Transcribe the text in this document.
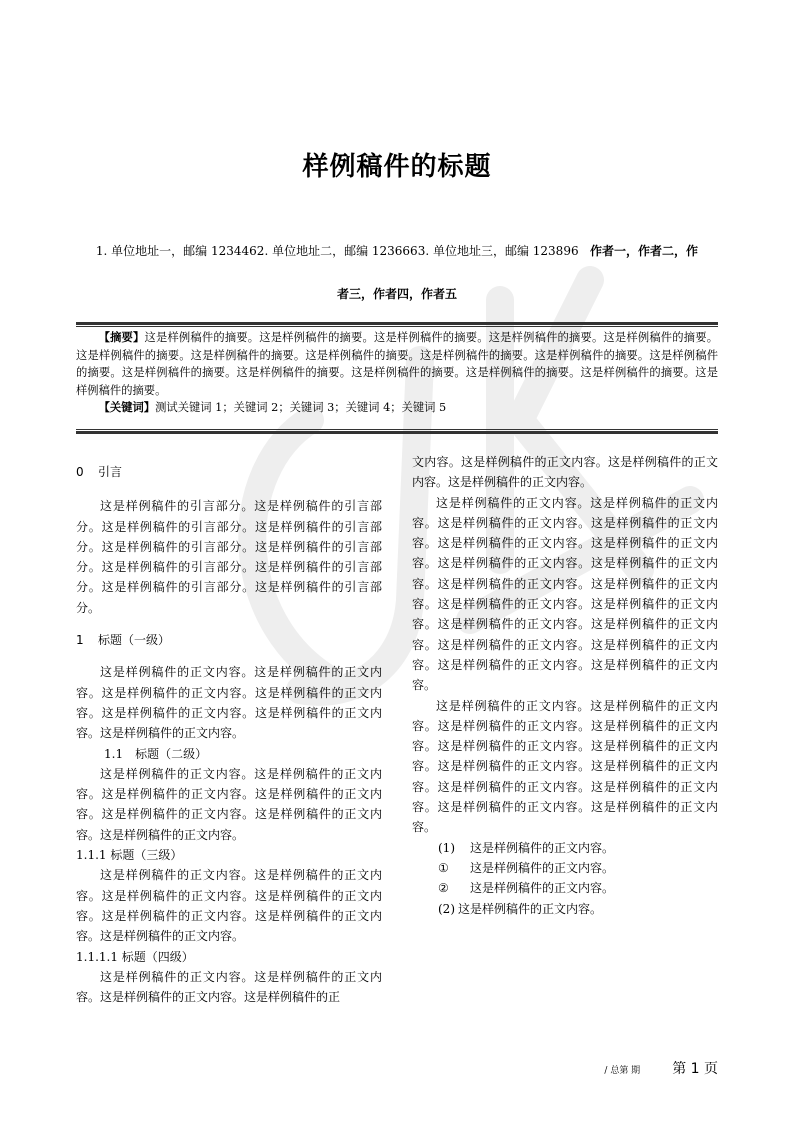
样例稿件的标题
1. 单位地址一，邮编 1234462. 单位地址二，邮编 1236663. 单位地址三，邮编 123896 作者一，作者二，作
者三，作者四，作者五

【摘要】这是样例稿件的摘要。这是样例稿件的摘要。这是样例稿件的摘要。这是样例稿件的摘要。这是样例稿件的摘要。这是样例稿件的摘要。这是样例稿件的摘要。这是样例稿件的摘要。这是样例稿件的摘要。这是样例稿件的摘要。这是样例稿件的摘要。这是样例稿件的摘要。这是样例稿件的摘要。这是样例稿件的摘要。这是样例稿件的摘要。这是样例稿件的摘要。这是样例稿件的摘要。

【关键词】测试关键词 1；关键词 2；关键词 3；关键词 4；关键词 5

0 引言

这是样例稿件的引言部分。这是样例稿件的引言部分。这是样例稿件的引言部分。这是样例稿件的引言部分。这是样例稿件的引言部分。这是样例稿件的引言部分。这是样例稿件的引言部分。这是样例稿件的引言部分。这是样例稿件的引言部分。这是样例稿件的引言部分。

1 标题（一级）

这是样例稿件的正文内容。这是样例稿件的正文内容。这是样例稿件的正文内容。这是样例稿件的正文内容。这是样例稿件的正文内容。这是样例稿件的正文内容。这是样例稿件的正文内容。

1.1　标题（二级）

这是样例稿件的正文内容。这是样例稿件的正文内容。这是样例稿件的正文内容。这是样例稿件的正文内容。这是样例稿件的正文内容。这是样例稿件的正文内容。这是样例稿件的正文内容。

1.1.1 标题（三级）

这是样例稿件的正文内容。这是样例稿件的正文内容。这是样例稿件的正文内容。这是样例稿件的正文内容。这是样例稿件的正文内容。这是样例稿件的正文内容。这是样例稿件的正文内容。

1.1.1.1 标题（四级）

这是样例稿件的正文内容。这是样例稿件的正文内容。这是样例稿件的正文内容。这是样例稿件的正

文内容。这是样例稿件的正文内容。这是样例稿件的正文内容。这是样例稿件的正文内容。

这是样例稿件的正文内容。这是样例稿件的正文内容。这是样例稿件的正文内容。这是样例稿件的正文内容。这是样例稿件的正文内容。这是样例稿件的正文内容。这是样例稿件的正文内容。这是样例稿件的正文内容。这是样例稿件的正文内容。这是样例稿件的正文内容。这是样例稿件的正文内容。这是样例稿件的正文内容。这是样例稿件的正文内容。这是样例稿件的正文内容。这是样例稿件的正文内容。这是样例稿件的正文内容。这是样例稿件的正文内容。这是样例稿件的正文内容。

这是样例稿件的正文内容。这是样例稿件的正文内容。这是样例稿件的正文内容。这是样例稿件的正文内容。这是样例稿件的正文内容。这是样例稿件的正文内容。这是样例稿件的正文内容。这是样例稿件的正文内容。这是样例稿件的正文内容。这是样例稿件的正文内容。这是样例稿件的正文内容。这是样例稿件的正文内容。

(1) 这是样例稿件的正文内容。

① 这是样例稿件的正文内容。

② 这是样例稿件的正文内容。

(2) 这是样例稿件的正文内容。

/ 总第 期 第 1 页
